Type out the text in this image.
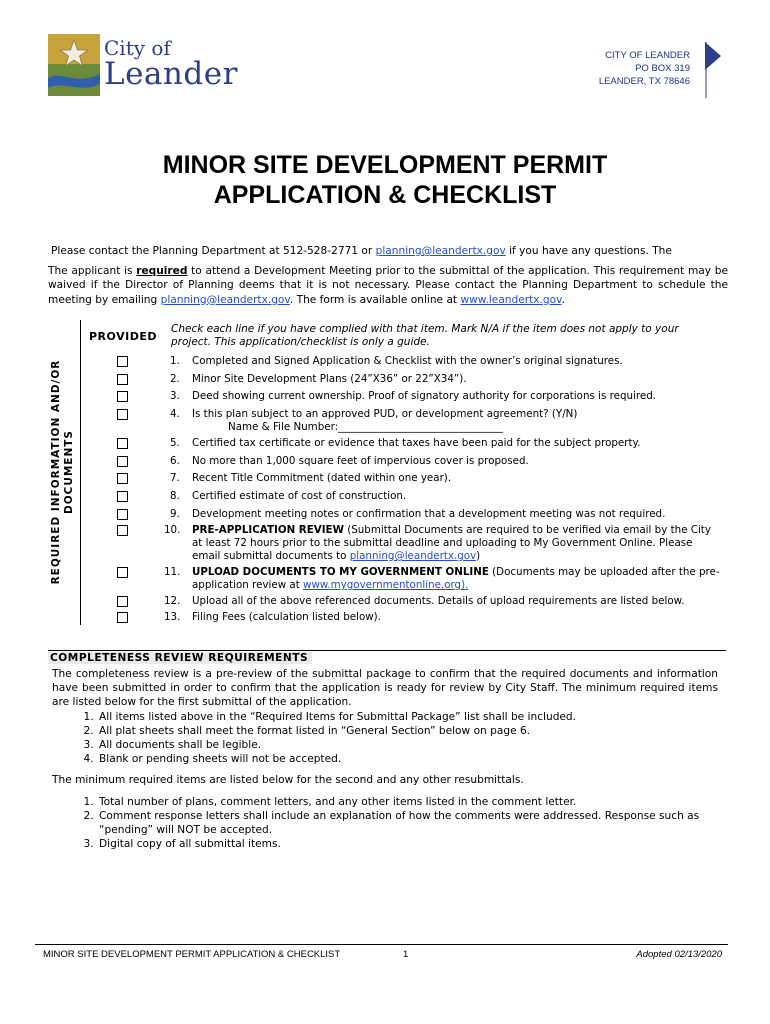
City of
Leander
CITY OF LEANDER
PO BOX 319
LEANDER, TX 78646
MINOR SITE DEVELOPMENT PERMIT
APPLICATION & CHECKLIST

Please contact the Planning Department at 512-528-2771 or planning@leandertx.gov if you have any questions. The

The applicant is required to attend a Development Meeting prior to the submittal of the application. This requirement may be waived if the Director of Planning deems that it is not necessary. Please contact the Planning Department to schedule the meeting by emailing planning@leandertx.gov. The form is available online at www.leandertx.gov.

REQUIRED INFORMATION AND/OR DOCUMENTS
PROVIDED
Check each line if you have complied with that item. Mark N/A if the item does not apply to your project. This application/checklist is only a guide.
1. Completed and Signed Application & Checklist with the owner’s original signatures.
2. Minor Site Development Plans (24”X36” or 22”X34”).
3. Deed showing current ownership. Proof of signatory authority for corporations is required.
4. Is this plan subject to an approved PUD, or development agreement? (Y/N)
Name & File Number:________________________________
5. Certified tax certificate or evidence that taxes have been paid for the subject property.
6. No more than 1,000 square feet of impervious cover is proposed.
7. Recent Title Commitment (dated within one year).
8. Certified estimate of cost of construction.
9. Development meeting notes or confirmation that a development meeting was not required.
10. PRE-APPLICATION REVIEW (Submittal Documents are required to be verified via email by the City at least 72 hours prior to the submittal deadline and uploading to My Government Online. Please email submittal documents to planning@leandertx.gov)
11. UPLOAD DOCUMENTS TO MY GOVERNMENT ONLINE (Documents may be uploaded after the pre-application review at www.mygovernmentonline.org).
12. Upload all of the above referenced documents. Details of upload requirements are listed below.
13. Filing Fees (calculation listed below).
COMPLETENESS REVIEW REQUIREMENTS

The completeness review is a pre-review of the submittal package to confirm that the required documents and information have been submitted in order to confirm that the application is ready for review by City Staff. The minimum required items are listed below for the first submittal of the application.

1. All items listed above in the “Required Items for Submittal Package” list shall be included.
2. All plat sheets shall meet the format listed in “General Section” below on page 6.
3. All documents shall be legible.
4. Blank or pending sheets will not be accepted.

The minimum required items are listed below for the second and any other resubmittals.

1. Total number of plans, comment letters, and any other items listed in the comment letter.
2. Comment response letters shall include an explanation of how the comments were addressed. Response such as “pending” will NOT be accepted.
3. Digital copy of all submittal items.
MINOR SITE DEVELOPMENT PERMIT APPLICATION & CHECKLIST	1	Adopted 02/13/2020
